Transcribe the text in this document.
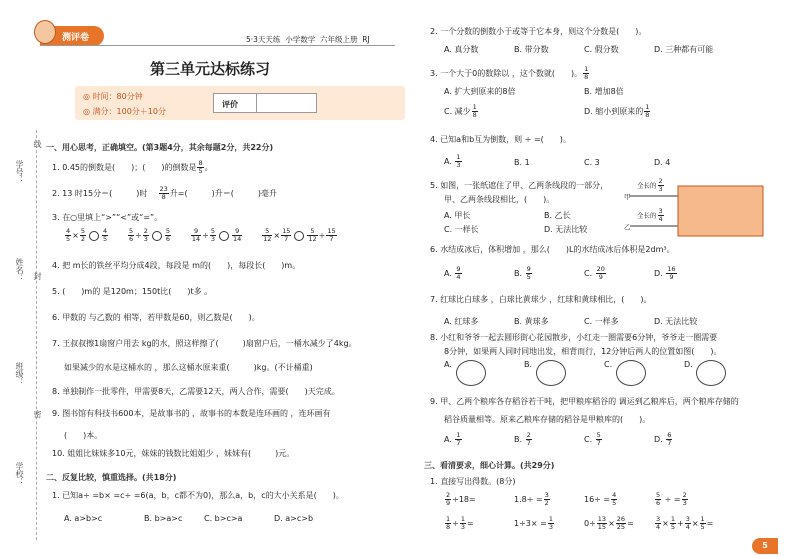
测评卷	5·3天天练 小学数学 六年级上册 RJ
第三单元达标练习
◎ 时间：80分钟
◎ 满分：100分＋10分
评价
线
学号：
姓名： 封
班级：
密
学校：
一、用心思考，正确填空。(第3题4分，其余每题2分，共22分)
1. 0.45的倒数是(　　)；(　　)的倒数是 $\frac{8}{5}$ 。
2. 13 时15分＝(　　　)时 $\frac{23}{8}$ 升=(　　　)升＝(　　　)毫升
3. 在○里填上“>”“<”或“=”。
$\frac{4}{5} \times \frac{5}{2} \frac{4}{5}$
	$\frac{5}{6} \div \frac{2}{3} \frac{5}{6}$
	$\frac{9}{14} \div \frac{5}{3} \frac{9}{14}$
	$\frac{5}{12} \times \frac{15}{7} \frac{5}{12} \div \frac{15}{7}$
4. 把 m长的铁丝平均分成4段，每段是 m的(　　)，每段长(　　)m。
5. (　　)m的 是120m；150t比(　　)t多 。
6. 甲数的 与乙数的 相等，若甲数是60，则乙数是(　　)。
7. 王叔叔擦1扇窗户用去 kg的水，照这样擦了(　　　)扇窗户后，一桶水减少了4kg。
如果减少的水是这桶水的 ，那么这桶水原来重(　　　)kg。(不计桶重)
8. 单独制作一批零件，甲需要8天，乙需要12天，两人合作，需要(　　)天完成。
9. 图书馆有科技书600本，是故事书的 ，故事书的本数是连环画的 ，连环画有
(　　)本。
10. 姐姐比妹妹多10元，妹妹的钱数比姐姐少 ，妹妹有(　　　)元。
二、反复比较，慎重选择。(共18分)
1. 已知a÷ =b× =c÷ =6(a，b，c都不为0)，那么a，b，c的大小关系是(　　)。
A. a>b>c	B. b>a>c	C. b>c>a	D. a>c>b
2. 一个分数的倒数小于或等于它本身，则这个分数是(　　)。
A. 真分数	B. 带分数	C. 假分数	D. 三种都有可能
3. 一个大于0的数除以 ，这个数就(　　)。 $\frac{1}{8}$
A. 扩大到原来的8倍	B. 增加8倍
C. 减少 $\frac{1}{8}$	D. 缩小到原来的 $\frac{1}{8}$
4. 已知a和b互为倒数，则 ÷ =(　　)。
A. $\frac{1}{3}$	B. 1	C. 3	D. 4
5. 如图，一张纸遮住了甲、乙两条线段的一部分，
甲、乙两条线段相比，(　　)。
A. 甲长	B. 乙长
C. 一样长	D. 无法比较
全长的 $\frac{2}{3}$
甲
全长的 $\frac{3}{4}$
乙
6. 水结成冰后，体积增加 ，那么(　　)L的水结成冰后体积是2dm³。
A. $\frac{9}{4}$	B. $\frac{9}{5}$	C. $\frac{20}{9}$	D. $\frac{16}{9}$
7. 红球比白球多 ，白球比黄球少 ，红球和黄球相比，(　　)。
A. 红球多	B. 黄球多	C. 一样多	D. 无法比较
8. 小红和爷爷一起去圆形街心花园散步，小红走一圈需要6分钟，爷爷走一圈需要
8分钟，如果两人同时同地出发，相背而行，12分钟后两人的位置如图(　　)。
A.	B.	C.	D.
9. 甲、乙两个粮库各存稻谷若干吨，把甲粮库稻谷的 调运到乙粮库后，两个粮库存储的
稻谷质量相等。原来乙粮库存储的稻谷是甲粮库的(　　)。
A. $\frac{1}{7}$	B. $\frac{2}{7}$	C. $\frac{5}{7}$	D. $\frac{6}{7}$
三、看清要求，细心计算。(共29分)
1. 直接写出得数。(8分)
$\frac{2}{9} \div 18=$	$1.8\div = \frac{3}{2}$	$16\div = \frac{4}{5}$	$\frac{5}{6}$ ÷ = $\frac{2}{3}$
$\frac{1}{8} \div \frac{1}{3}$ =	$1\div 3\times = \frac{1}{3}$	$0\div \frac{13}{15} \times \frac{26}{25}$ =	$\frac{3}{4} \times \frac{1}{5} + \frac{3}{4} \times \frac{1}{5}$ =
5
